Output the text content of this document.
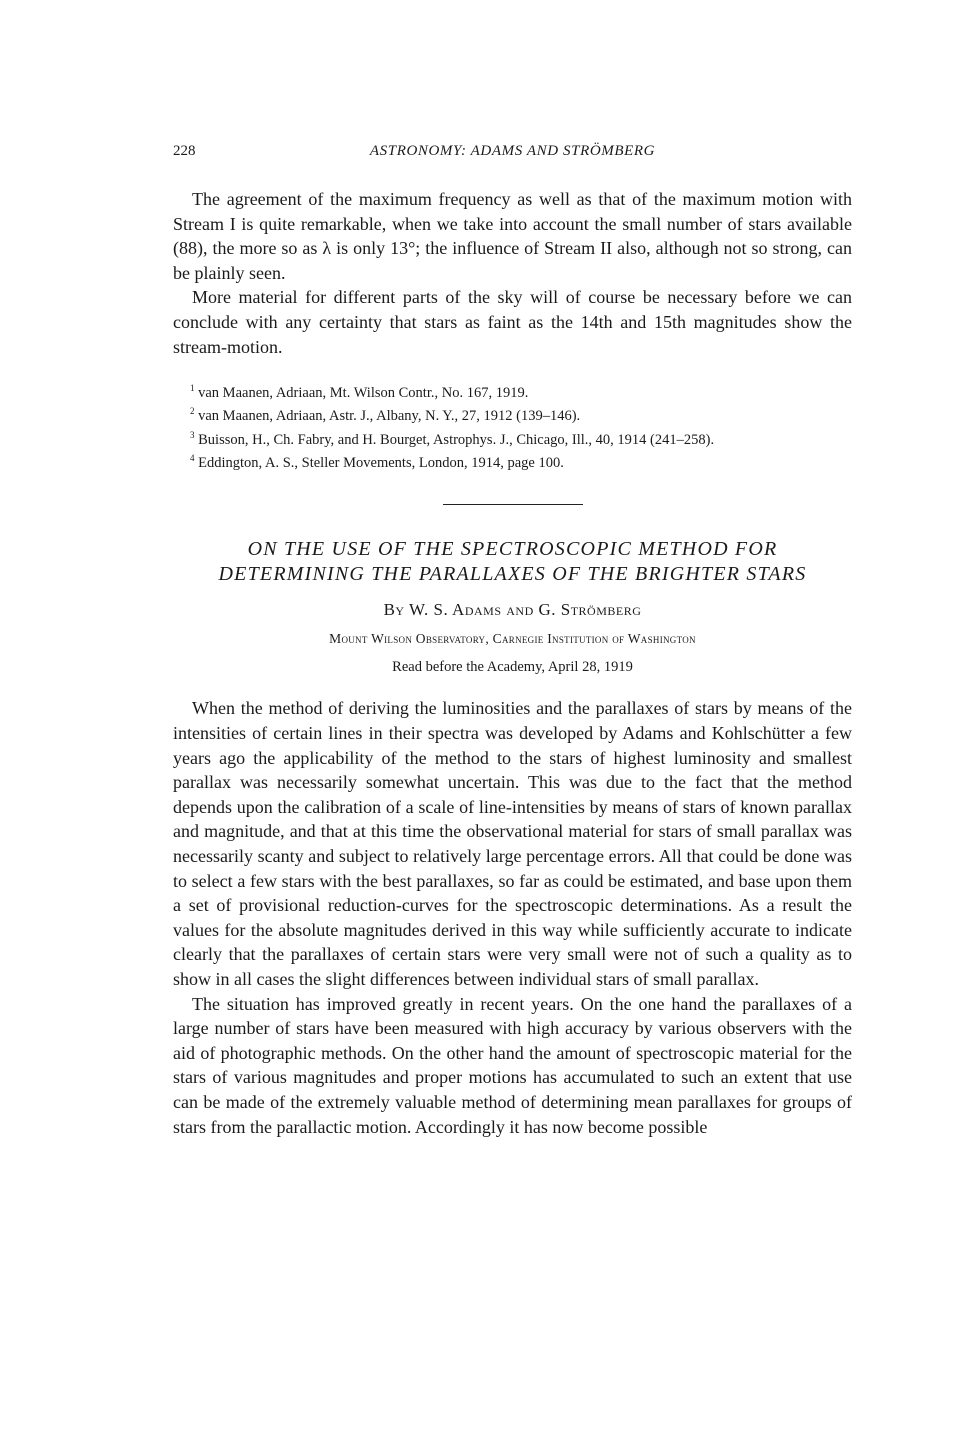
228	ASTRONOMY: ADAMS AND STRÖMBERG

The agreement of the maximum frequency as well as that of the maximum motion with Stream I is quite remarkable, when we take into account the small number of stars available (88), the more so as λ is only 13°; the influence of Stream II also, although not so strong, can be plainly seen.

More material for different parts of the sky will of course be necessary before we can conclude with any certainty that stars as faint as the 14th and 15th magnitudes show the stream-motion.

$^1$ van Maanen, Adriaan, Mt. Wilson Contr., No. 167, 1919.

$^2$ van Maanen, Adriaan, Astr. J., Albany, N. Y., 27, 1912 (139–146).

$^3$ Buisson, H., Ch. Fabry, and H. Bourget, Astrophys. J., Chicago, Ill., 40, 1914 (241–258).

$^4$ Eddington, A. S., Steller Movements, London, 1914, page 100.

ON THE USE OF THE SPECTROSCOPIC METHOD FOR DETERMINING THE PARALLAXES OF THE BRIGHTER STARS
By W. S. Adams and G. Strömberg
Mount Wilson Observatory, Carnegie Institution of Washington
Read before the Academy, April 28, 1919

When the method of deriving the luminosities and the parallaxes of stars by means of the intensities of certain lines in their spectra was developed by Adams and Kohlschütter a few years ago the applicability of the method to the stars of highest luminosity and smallest parallax was necessarily somewhat uncertain. This was due to the fact that the method depends upon the calibration of a scale of line-intensities by means of stars of known parallax and magnitude, and that at this time the observational material for stars of small parallax was necessarily scanty and subject to relatively large percentage errors. All that could be done was to select a few stars with the best parallaxes, so far as could be estimated, and base upon them a set of provisional reduction-curves for the spectroscopic determinations. As a result the values for the absolute magnitudes derived in this way while sufficiently accurate to indicate clearly that the parallaxes of certain stars were very small were not of such a quality as to show in all cases the slight differences between individual stars of small parallax.

The situation has improved greatly in recent years. On the one hand the parallaxes of a large number of stars have been measured with high accuracy by various observers with the aid of photographic methods. On the other hand the amount of spectroscopic material for the stars of various magnitudes and proper motions has accumulated to such an extent that use can be made of the extremely valuable method of determining mean parallaxes for groups of stars from the parallactic motion. Accordingly it has now become possible
